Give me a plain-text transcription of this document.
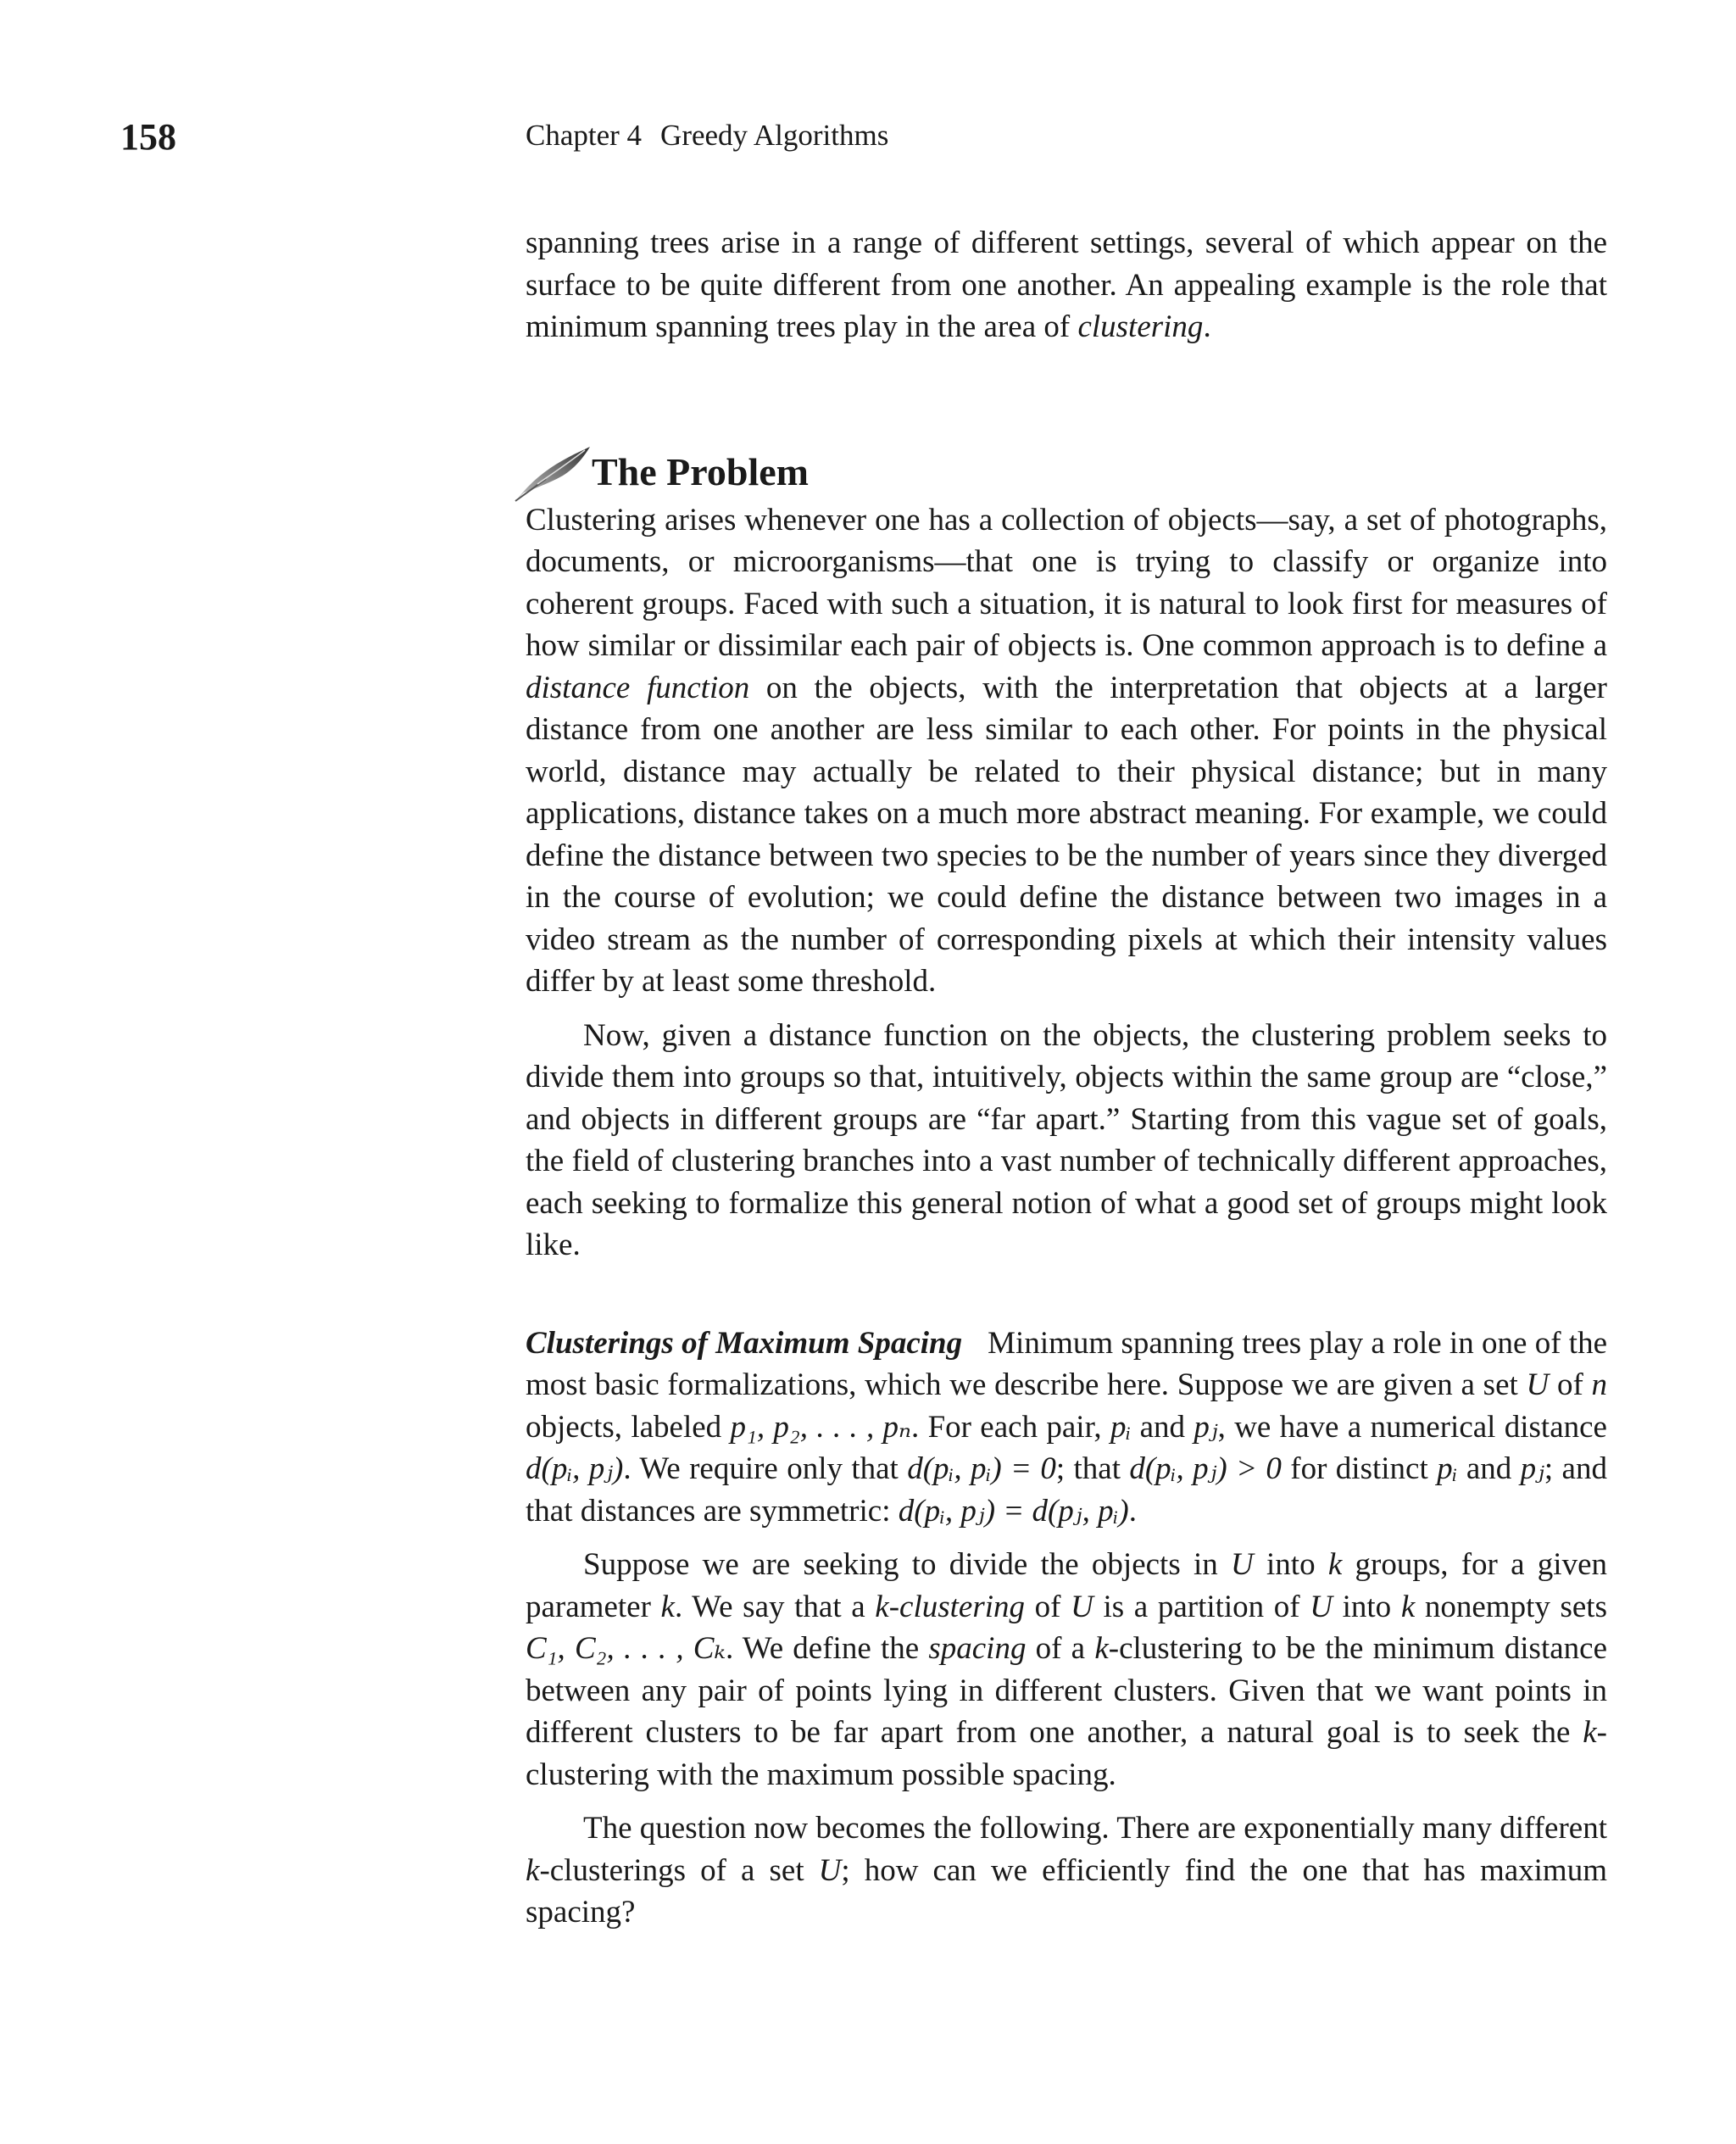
158	Chapter 4 Greedy Algorithms

spanning trees arise in a range of different settings, several of which appear on the surface to be quite different from one another. An appealing example is the role that minimum spanning trees play in the area of clustering.

The Problem

Clustering arises whenever one has a collection of objects—say, a set of photographs, documents, or microorganisms—that one is trying to classify or organize into coherent groups. Faced with such a situation, it is natural to look first for measures of how similar or dissimilar each pair of objects is. One common approach is to define a distance function on the objects, with the interpretation that objects at a larger distance from one another are less similar to each other. For points in the physical world, distance may actually be related to their physical distance; but in many applications, distance takes on a much more abstract meaning. For example, we could define the distance between two species to be the number of years since they diverged in the course of evolution; we could define the distance between two images in a video stream as the number of corresponding pixels at which their intensity values differ by at least some threshold.

Now, given a distance function on the objects, the clustering problem seeks to divide them into groups so that, intuitively, objects within the same group are “close,” and objects in different groups are “far apart.” Starting from this vague set of goals, the field of clustering branches into a vast number of technically different approaches, each seeking to formalize this general notion of what a good set of groups might look like.

Clusterings of Maximum Spacing Minimum spanning trees play a role in one of the most basic formalizations, which we describe here. Suppose we are given a set U of n objects, labeled p₁, p₂, . . . , pₙ. For each pair, pᵢ and pⱼ, we have a numerical distance d(pᵢ, pⱼ). We require only that d(pᵢ, pᵢ) = 0; that d(pᵢ, pⱼ) > 0 for distinct pᵢ and pⱼ; and that distances are symmetric: d(pᵢ, pⱼ) = d(pⱼ, pᵢ).

Suppose we are seeking to divide the objects in U into k groups, for a given parameter k. We say that a k-clustering of U is a partition of U into k nonempty sets C₁, C₂, . . . , Cₖ. We define the spacing of a k-clustering to be the minimum distance between any pair of points lying in different clusters. Given that we want points in different clusters to be far apart from one another, a natural goal is to seek the k-clustering with the maximum possible spacing.

The question now becomes the following. There are exponentially many different k-clusterings of a set U; how can we efficiently find the one that has maximum spacing?
